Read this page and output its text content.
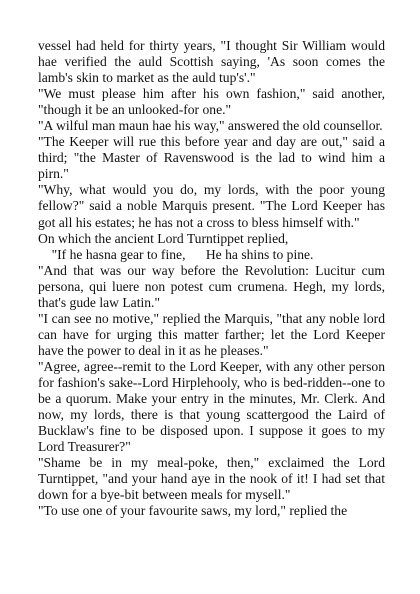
vessel had held for thirty years, "I thought Sir William would hae verified the auld Scottish saying, 'As soon comes the lamb's skin to market as the auld tup's'."

"We must please him after his own fashion," said another, "though it be an unlooked-for one."

"A wilful man maun hae his way," answered the old counsellor.

"The Keeper will rue this before year and day are out," said a third; "the Master of Ravenswood is the lad to wind him a pirn."

"Why, what would you do, my lords, with the poor young fellow?" said a noble Marquis present. "The Lord Keeper has got all his estates; he has not a cross to bless himself with."

On which the ancient Lord Turntippet replied,

"If he hasna gear to fine,      He ha shins to pine.

"And that was our way before the Revolution: Lucitur cum persona, qui luere non potest cum crumena. Hegh, my lords, that's gude law Latin."

"I can see no motive," replied the Marquis, "that any noble lord can have for urging this matter farther; let the Lord Keeper have the power to deal in it as he pleases."

"Agree, agree--remit to the Lord Keeper, with any other person for fashion's sake--Lord Hirplehooly, who is bed-ridden--one to be a quorum. Make your entry in the minutes, Mr. Clerk. And now, my lords, there is that young scattergood the Laird of Bucklaw's fine to be disposed upon. I suppose it goes to my Lord Treasurer?"

"Shame be in my meal-poke, then," exclaimed the Lord Turntippet, "and your hand aye in the nook of it! I had set that down for a bye-bit between meals for mysell."

"To use one of your favourite saws, my lord," replied the
